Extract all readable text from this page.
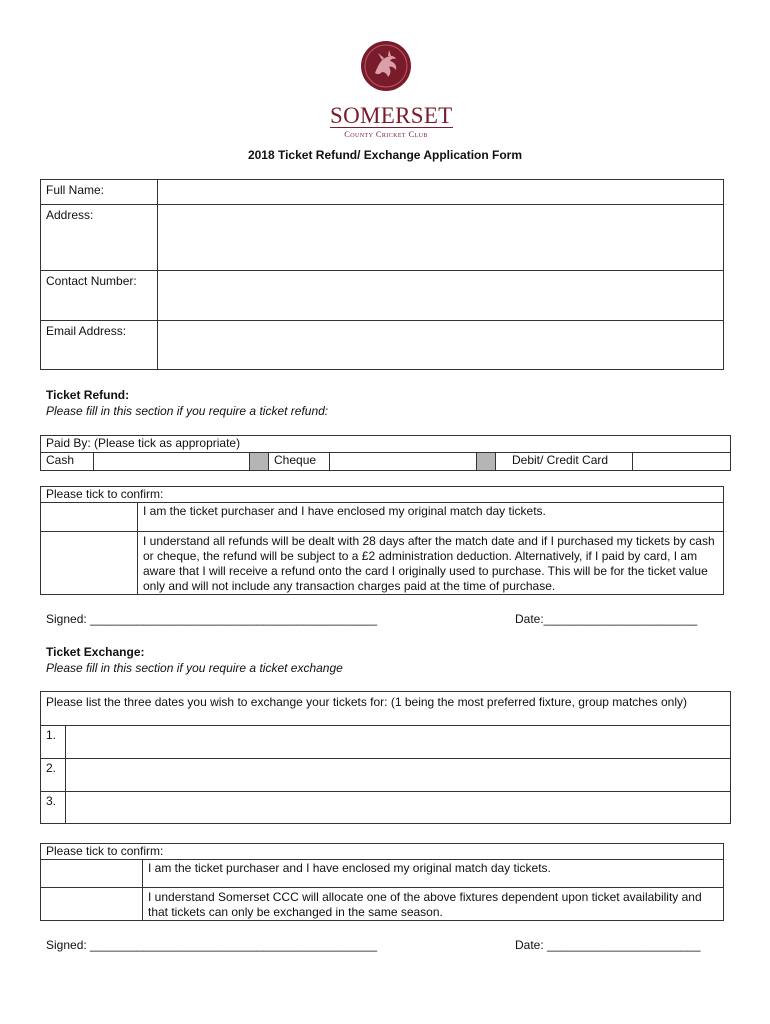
SOMERSET
County Cricket Club
2018 Ticket Refund/ Exchange Application Form
Full Name:	
Address:	
Contact Number:	
Email Address:	
Ticket Refund:
Please fill in this section if you require a ticket refund:
Paid By: (Please tick as appropriate)
Cash			Cheque			Debit/ Credit Card
Please tick to confirm:	
	I am the ticket purchaser and I have enclosed my original match day tickets.
	I understand all refunds will be dealt with 28 days after the match date and if I purchased my tickets by cash or cheque, the refund will be subject to a £2 administration deduction. Alternatively, if I paid by card, I am aware that I will receive a refund onto the card I originally used to purchase. This will be for the ticket value only and will not include any transaction charges paid at the time of purchase.
Signed: ___________________________________________	Date:_______________________
Ticket Exchange:
Please fill in this section if you require a ticket exchange
Please list the three dates you wish to exchange your tickets for: (1 being the most preferred fixture, group matches only)	
1.	
2.	
3.	
Please tick to confirm:	
	I am the ticket purchaser and I have enclosed my original match day tickets.
	I understand Somerset CCC will allocate one of the above fixtures dependent upon ticket availability and that tickets can only be exchanged in the same season.
Signed: ___________________________________________	Date: _______________________
